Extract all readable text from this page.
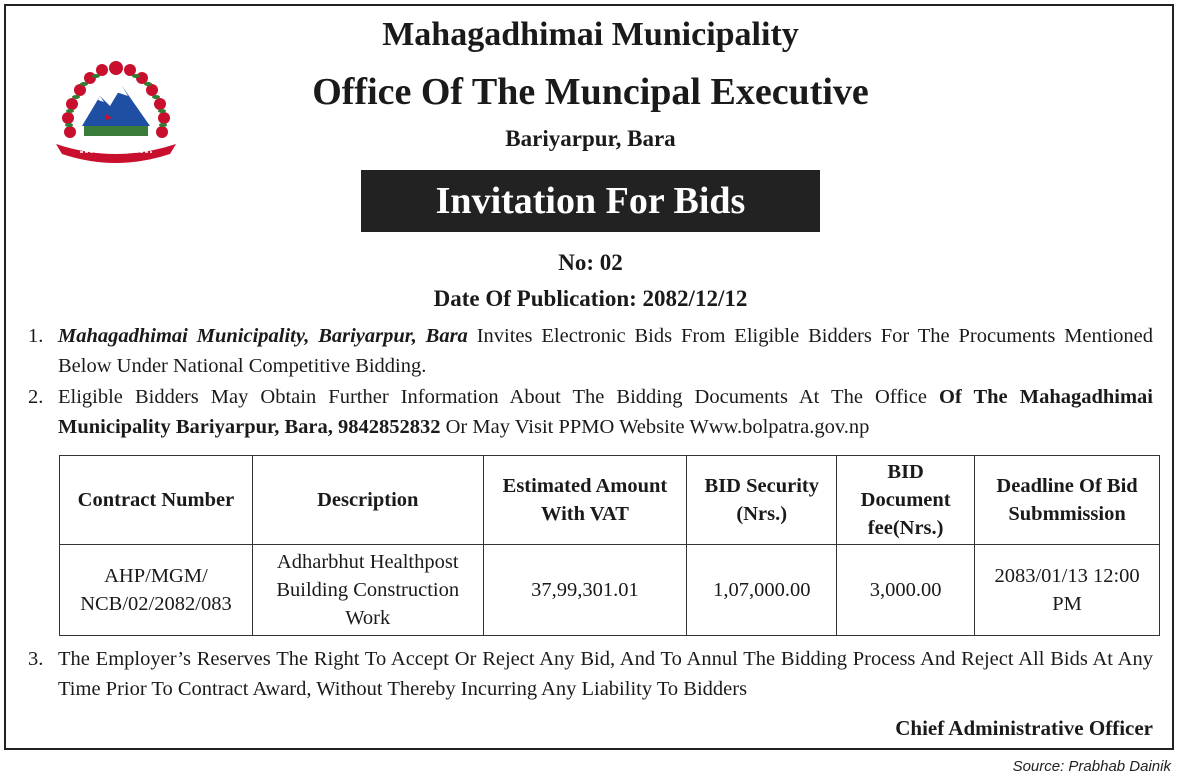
Mahagadhimai Municipality
Office Of The Muncipal Executive
Bariyarpur, Bara
Invitation For Bids
No: 02
Date Of Publication: 2082/12/12
1. Mahagadhimai Municipality, Bariyarpur, Bara Invites Electronic Bids From Eligible Bidders For The Procuments Mentioned Below Under National Competitive Bidding.
2. Eligible Bidders May Obtain Further Information About The Bidding Documents At The Office Of The Mahagadhimai Municipality Bariyarpur, Bara, 9842852832 Or May Visit PPMO Website Www.bolpatra.gov.np
Contract Number	Description	Estimated Amount With VAT	BID Security (Nrs.)	BID Document fee(Nrs.)	Deadline Of Bid Submmission
AHP/MGM/ NCB/02/2082/083	Adharbhut Healthpost Building Construction Work	37,99,301.01	1,07,000.00	3,000.00	2083/01/13 12:00 PM
3. The Employer’s Reserves The Right To Accept Or Reject Any Bid, And To Annul The Bidding Process And Reject All Bids At Any Time Prior To Contract Award, Without Thereby Incurring Any Liability To Bidders
Chief Administrative Officer
Source: Prabhab Dainik
